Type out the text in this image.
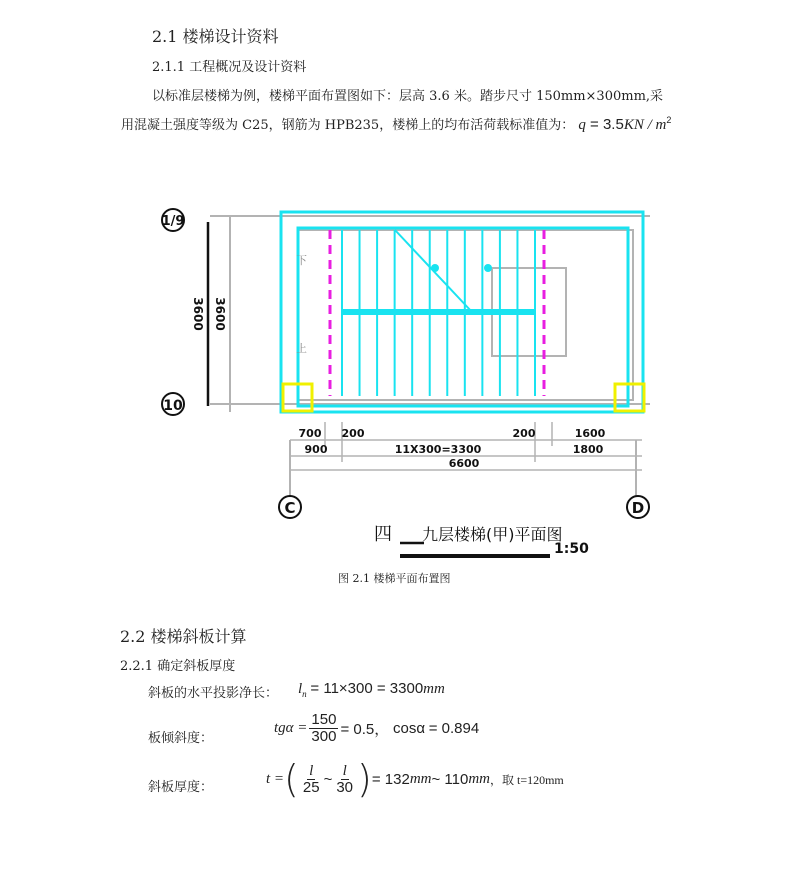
2.1 楼梯设计资料
2.1.1 工程概况及设计资料
以标准层楼梯为例，楼梯平面布置图如下：层高 3.6 米。踏步尺寸 150mm×300mm,采
用混凝土强度等级为 C25，钢筋为 HPB235，楼梯上的均布活荷载标准值为： $q = 3.5KN / m^2$
下
上
3600 3600
1/9
10
700 200	200	1600
900	11X300=3300	1800
6600
C	D
四 九层楼梯(甲)平面图
1:50
图 2.1 楼梯平面布置图
2.2 楼梯斜板计算
2.2.1 确定斜板厚度
斜板的水平投影净长： $l_n = 11\times 300 = 3300mm$
板倾斜度：
$tg\alpha = \frac{150}{300} = 0.5$，
cosα
= 0.894
斜板厚度：
t = ( $\frac{l}{25}$ ~ $\frac{l}{30}$ ) = 132 mm ~ 110 mm ，取 t=120mm
